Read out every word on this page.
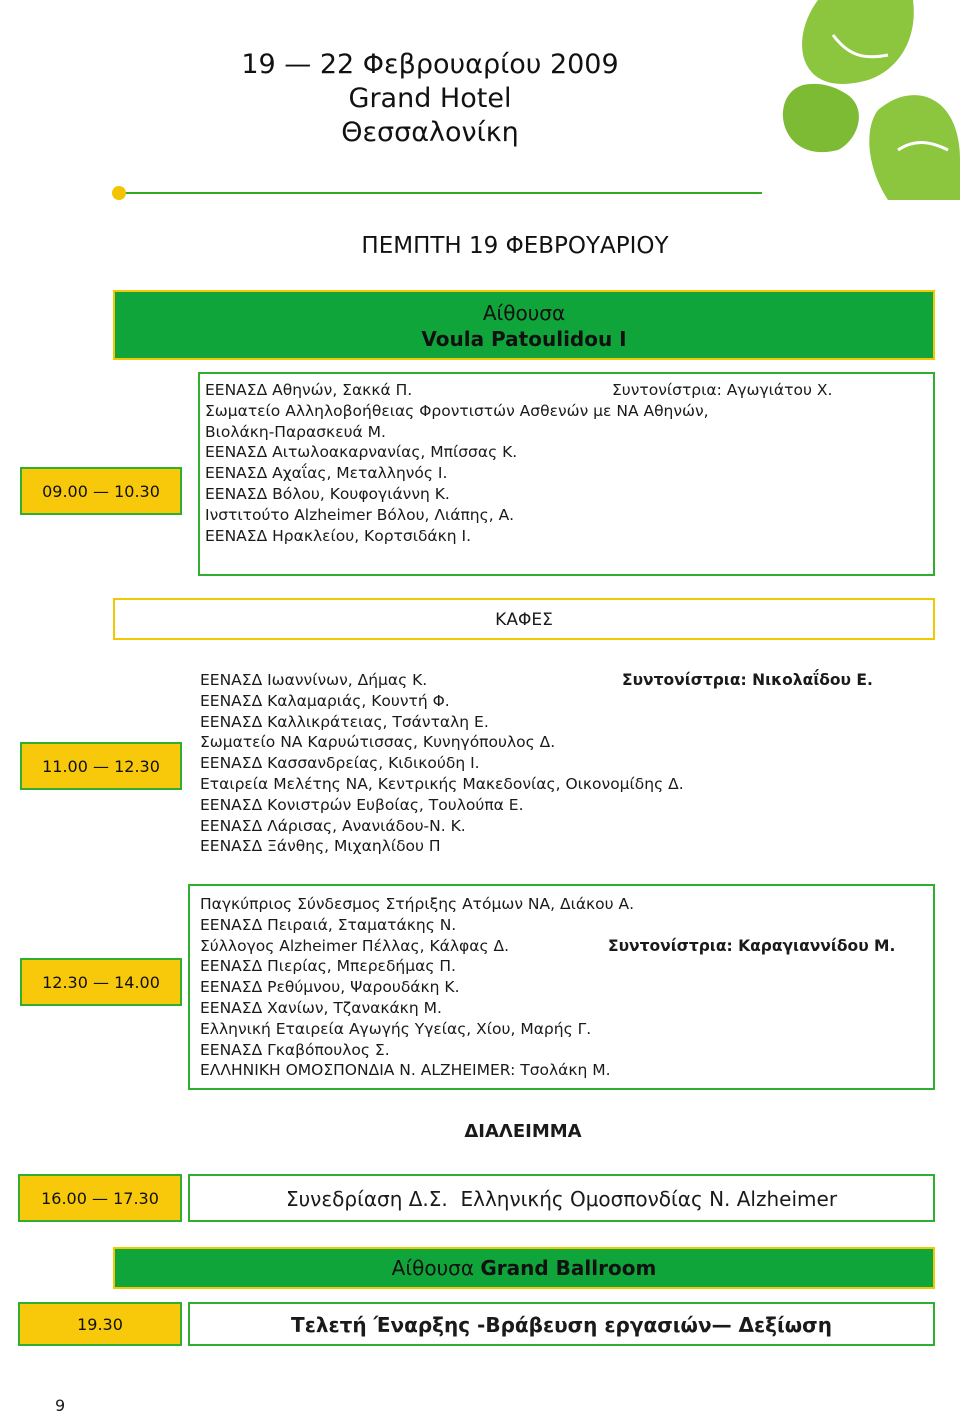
19 — 22 Φεβρουαρίου 2009
Grand Hotel
Θεσσαλονίκη
ΠΕΜΠΤΗ 19 ΦΕΒΡΟΥΑΡΙΟΥ
Αίθουσα
Voula Patoulidou I
09.00 — 10.30
ΕΕΝΑΣΔ Αθηνών, Σακκά Π.
Σωματείο Αλληλοβοήθειας Φροντιστών Ασθενών με ΝΑ Αθηνών,
Βιολάκη-Παρασκευά Μ.
ΕΕΝΑΣΔ Αιτωλοακαρνανίας, Μπίσσας Κ.
ΕΕΝΑΣΔ Αχαΐας, Μεταλληνός Ι.
ΕΕΝΑΣΔ Βόλου, Κουφογιάννη Κ.
Ινστιτούτο Alzheimer Βόλου, Λιάπης, Α.
ΕΕΝΑΣΔ Ηρακλείου, Κορτσιδάκη Ι.
Συντονίστρια: Αγωγιάτου Χ.
ΚΑΦΕΣ
11.00 — 12.30
ΕΕΝΑΣΔ Ιωαννίνων, Δήμας Κ.
ΕΕΝΑΣΔ Καλαμαριάς, Κουντή Φ.
ΕΕΝΑΣΔ Καλλικράτειας, Τσάνταλη Ε.
Σωματείο ΝΑ Καρυώτισσας, Κυνηγόπουλος Δ.
ΕΕΝΑΣΔ Κασσανδρείας, Κιδικούδη Ι.
Εταιρεία Μελέτης ΝΑ, Κεντρικής Μακεδονίας, Οικονομίδης Δ.
ΕΕΝΑΣΔ Κονιστρών Ευβοίας, Τουλούπα Ε.
ΕΕΝΑΣΔ Λάρισας, Ανανιάδου-Ν. Κ.
ΕΕΝΑΣΔ Ξάνθης, Μιχαηλίδου Π
Συντονίστρια: Νικολαΐδου Ε.
12.30 — 14.00
Παγκύπριος Σύνδεσμος Στήριξης Ατόμων ΝΑ, Διάκου Α.
ΕΕΝΑΣΔ Πειραιά, Σταματάκης Ν.
Σύλλογος Alzheimer Πέλλας, Κάλφας Δ.
ΕΕΝΑΣΔ Πιερίας, Μπερεδήμας Π.
ΕΕΝΑΣΔ Ρεθύμνου, Ψαρουδάκη Κ.
ΕΕΝΑΣΔ Χανίων, Τζανακάκη Μ.
Ελληνική Εταιρεία Αγωγής Υγείας, Χίου, Μαρής Γ.
ΕΕΝΑΣΔ Γκαβόπουλος Σ.
ΕΛΛΗΝΙΚΗ ΟΜΟΣΠΟΝΔΙΑ Ν. ALZHEIMER: Τσολάκη Μ.
Συντονίστρια: Καραγιαννίδου Μ.
ΔΙΑΛΕΙΜΜΑ
16.00 — 17.30	Συνεδρίαση Δ.Σ.  Ελληνικής Ομοσπονδίας Ν. Alzheimer
Αίθουσα Grand Ballroom
19.30	Τελετή Έναρξης -Βράβευση εργασιών— Δεξίωση
9
